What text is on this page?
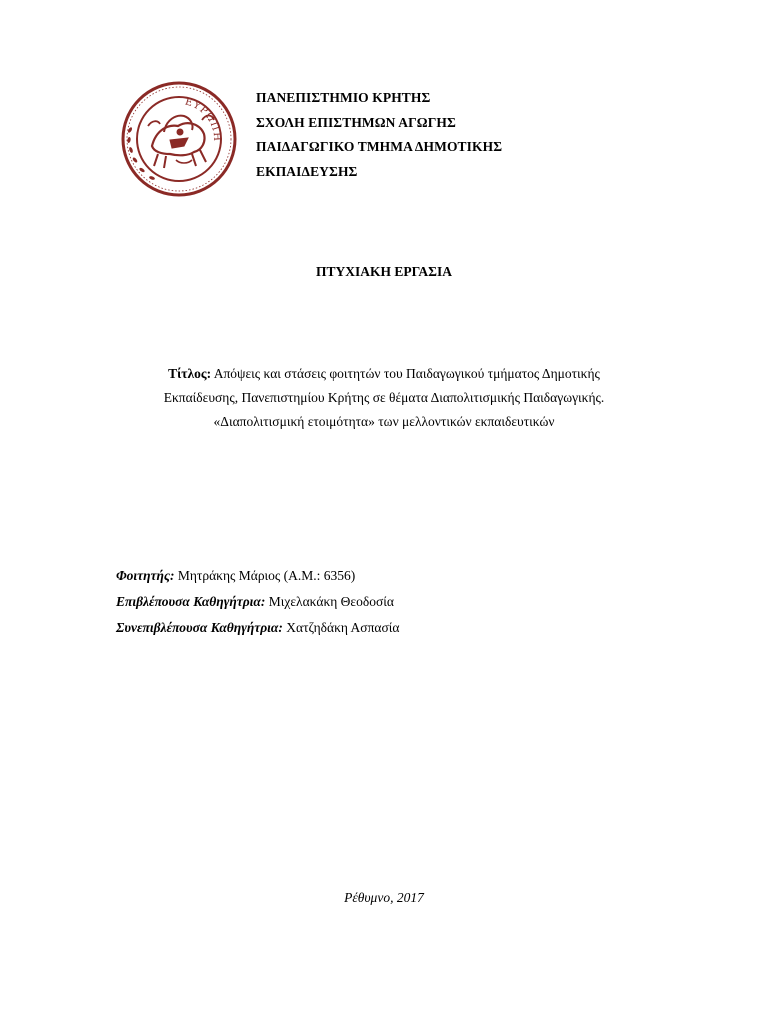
ΕΥΡΩΠΗ
ΠΑΝΕΠΙΣΤΗΜΙΟ ΚΡΗΤΗΣ
ΣΧΟΛΗ ΕΠΙΣΤΗΜΩΝ ΑΓΩΓΗΣ
ΠΑΙΔΑΓΩΓΙΚΟ ΤΜΗΜΑ ΔΗΜΟΤΙΚΗΣ
ΕΚΠΑΙΔΕΥΣΗΣ
ΠΤΥΧΙΑΚΗ ΕΡΓΑΣΙΑ
Τίτλος: Απόψεις και στάσεις φοιτητών του Παιδαγωγικού τμήματος Δημοτικής
Εκπαίδευσης, Πανεπιστημίου Κρήτης σε θέματα Διαπολιτισμικής Παιδαγωγικής.
«Διαπολιτισμική ετοιμότητα» των μελλοντικών εκπαιδευτικών
Φοιτητής: Μητράκης Μάριος (Α.Μ.: 6356)
Επιβλέπουσα Καθηγήτρια: Μιχελακάκη Θεοδοσία
Συνεπιβλέπουσα Καθηγήτρια: Χατζηδάκη Ασπασία
Ρέθυμνο, 2017
